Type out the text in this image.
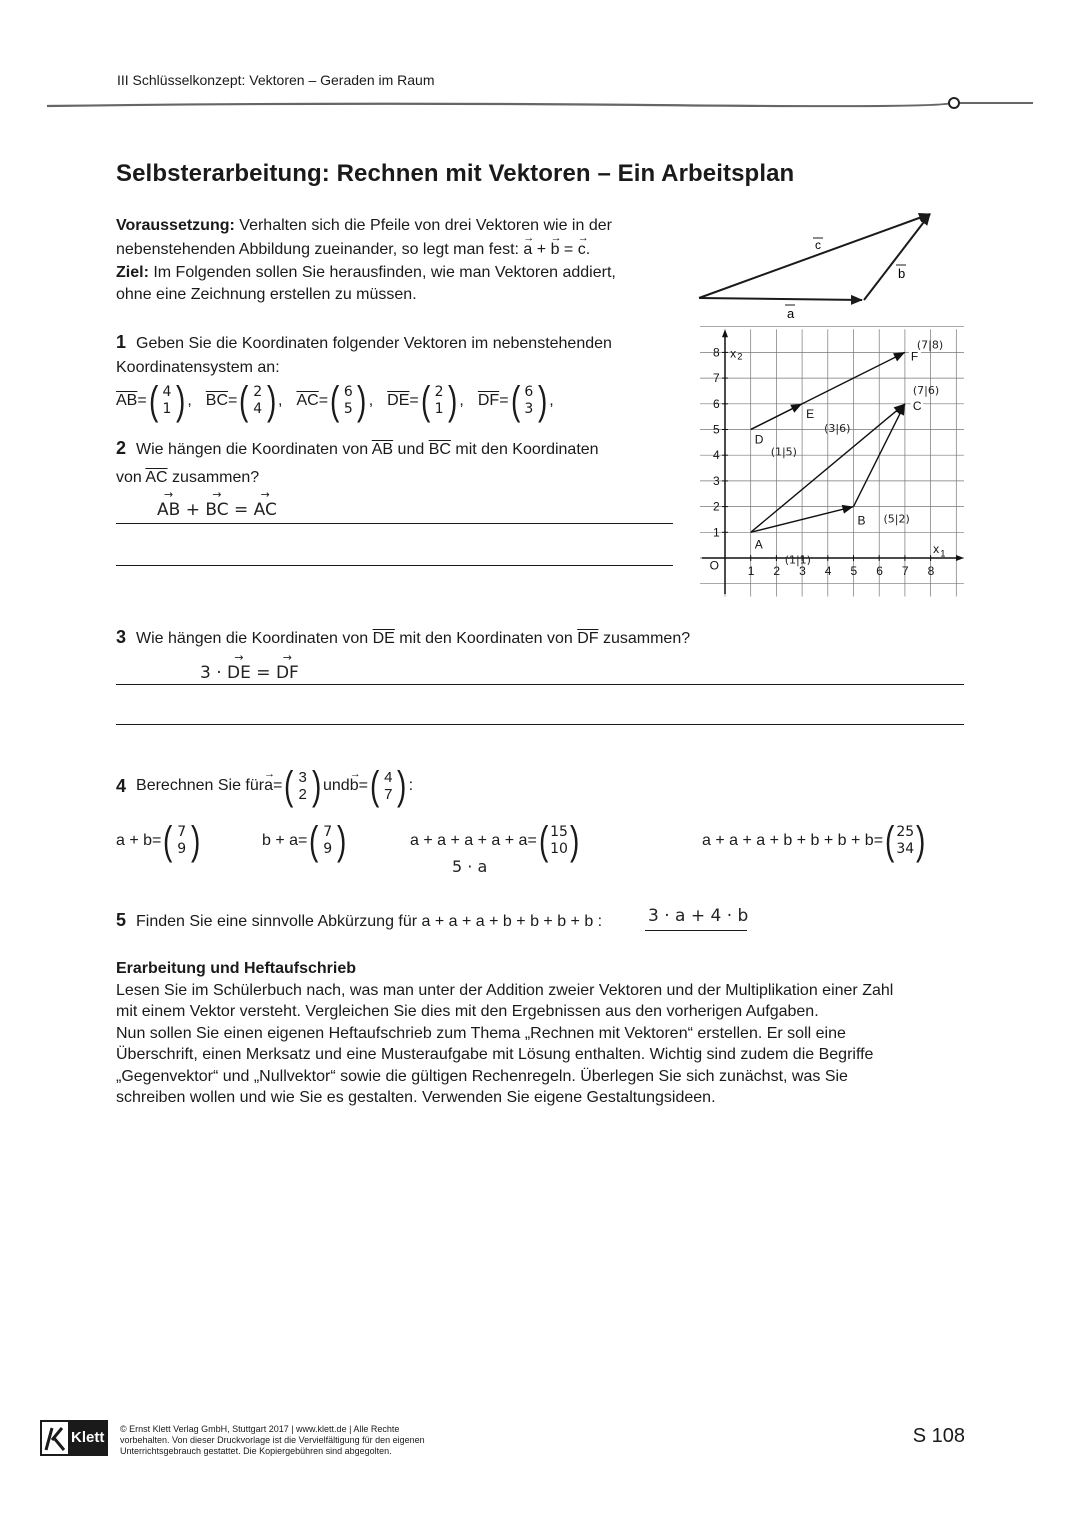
III Schlüsselkonzept: Vektoren – Geraden im Raum
Selbsterarbeitung: Rechnen mit Vektoren – Ein Arbeitsplan
Voraussetzung: Verhalten sich die Pfeile von drei Vektoren wie in der
nebenstehenden Abbildung zueinander, so legt man fest: → a + → b = → c.
Ziel: Im Folgenden sollen Sie herausfinden, wie man Vektoren addiert,
ohne eine Zeichnung erstellen zu müssen.
a
b
c
1 Geben Sie die Koordinaten folgender Vektoren im nebenstehenden
Koordinatensystem an:
$\overline{AB}$ = ( 4
1 ) , $\overline{BC}$ = ( 2
4 ) , $\overline{AC}$ = ( 6
5 ) , $\overline{DE}$ = ( 2
1 ) , $\overline{DF}$ = ( 6
3 ) ,
2 Wie hängen die Koordinaten von $\overline{AB}$ und $\overline{BC}$ mit den Koordinaten
von $\overline{AC}$ zusammen?
→ AB + → BC = → AC
1 2 3 4 5 6 7 8
1
2
3
4
5
6
7
8
O
x 1
x 2
A
(1|1)
B (5|2)
C
(7|6)
D
(1|5)
E
(3|6)
F
(7|8)
3 Wie hängen die Koordinaten von $\overline{DE}$ mit den Koordinaten von $\overline{DF}$ zusammen?
3 · → DE = → DF
4 Berechnen Sie für → a = ( 3
2 ) und → b = ( 4
7 ) :
a + b = ( 7
9 )	b + a = ( 7
9 )	a + a + a + a + a = ( 15
10 )
5 · a
a + a + a + b + b + b + b = ( 25
34 )
5 Finden Sie eine sinnvolle Abkürzung für a + a + a + b + b + b + b :	3 · a + 4 · b
Erarbeitung und Heftaufschrieb
Lesen Sie im Schülerbuch nach, was man unter der Addition zweier Vektoren und der Multiplikation einer Zahl
mit einem Vektor versteht. Vergleichen Sie dies mit den Ergebnissen aus den vorherigen Aufgaben.
Nun sollen Sie einen eigenen Heftaufschrieb zum Thema „Rechnen mit Vektoren“ erstellen. Er soll eine
Überschrift, einen Merksatz und eine Musteraufgabe mit Lösung enthalten. Wichtig sind zudem die Begriffe
„Gegenvektor“ und „Nullvektor“ sowie die gültigen Rechenregeln. Überlegen Sie sich zunächst, was Sie
schreiben wollen und wie Sie es gestalten. Verwenden Sie eigene Gestaltungsideen.
Klett © Ernst Klett Verlag GmbH, Stuttgart 2017 | www.klett.de | Alle Rechte
vorbehalten. Von dieser Druckvorlage ist die Vervielfältigung für den eigenen
Unterrichtsgebrauch gestattet. Die Kopiergebühren sind abgegolten.
S 108
